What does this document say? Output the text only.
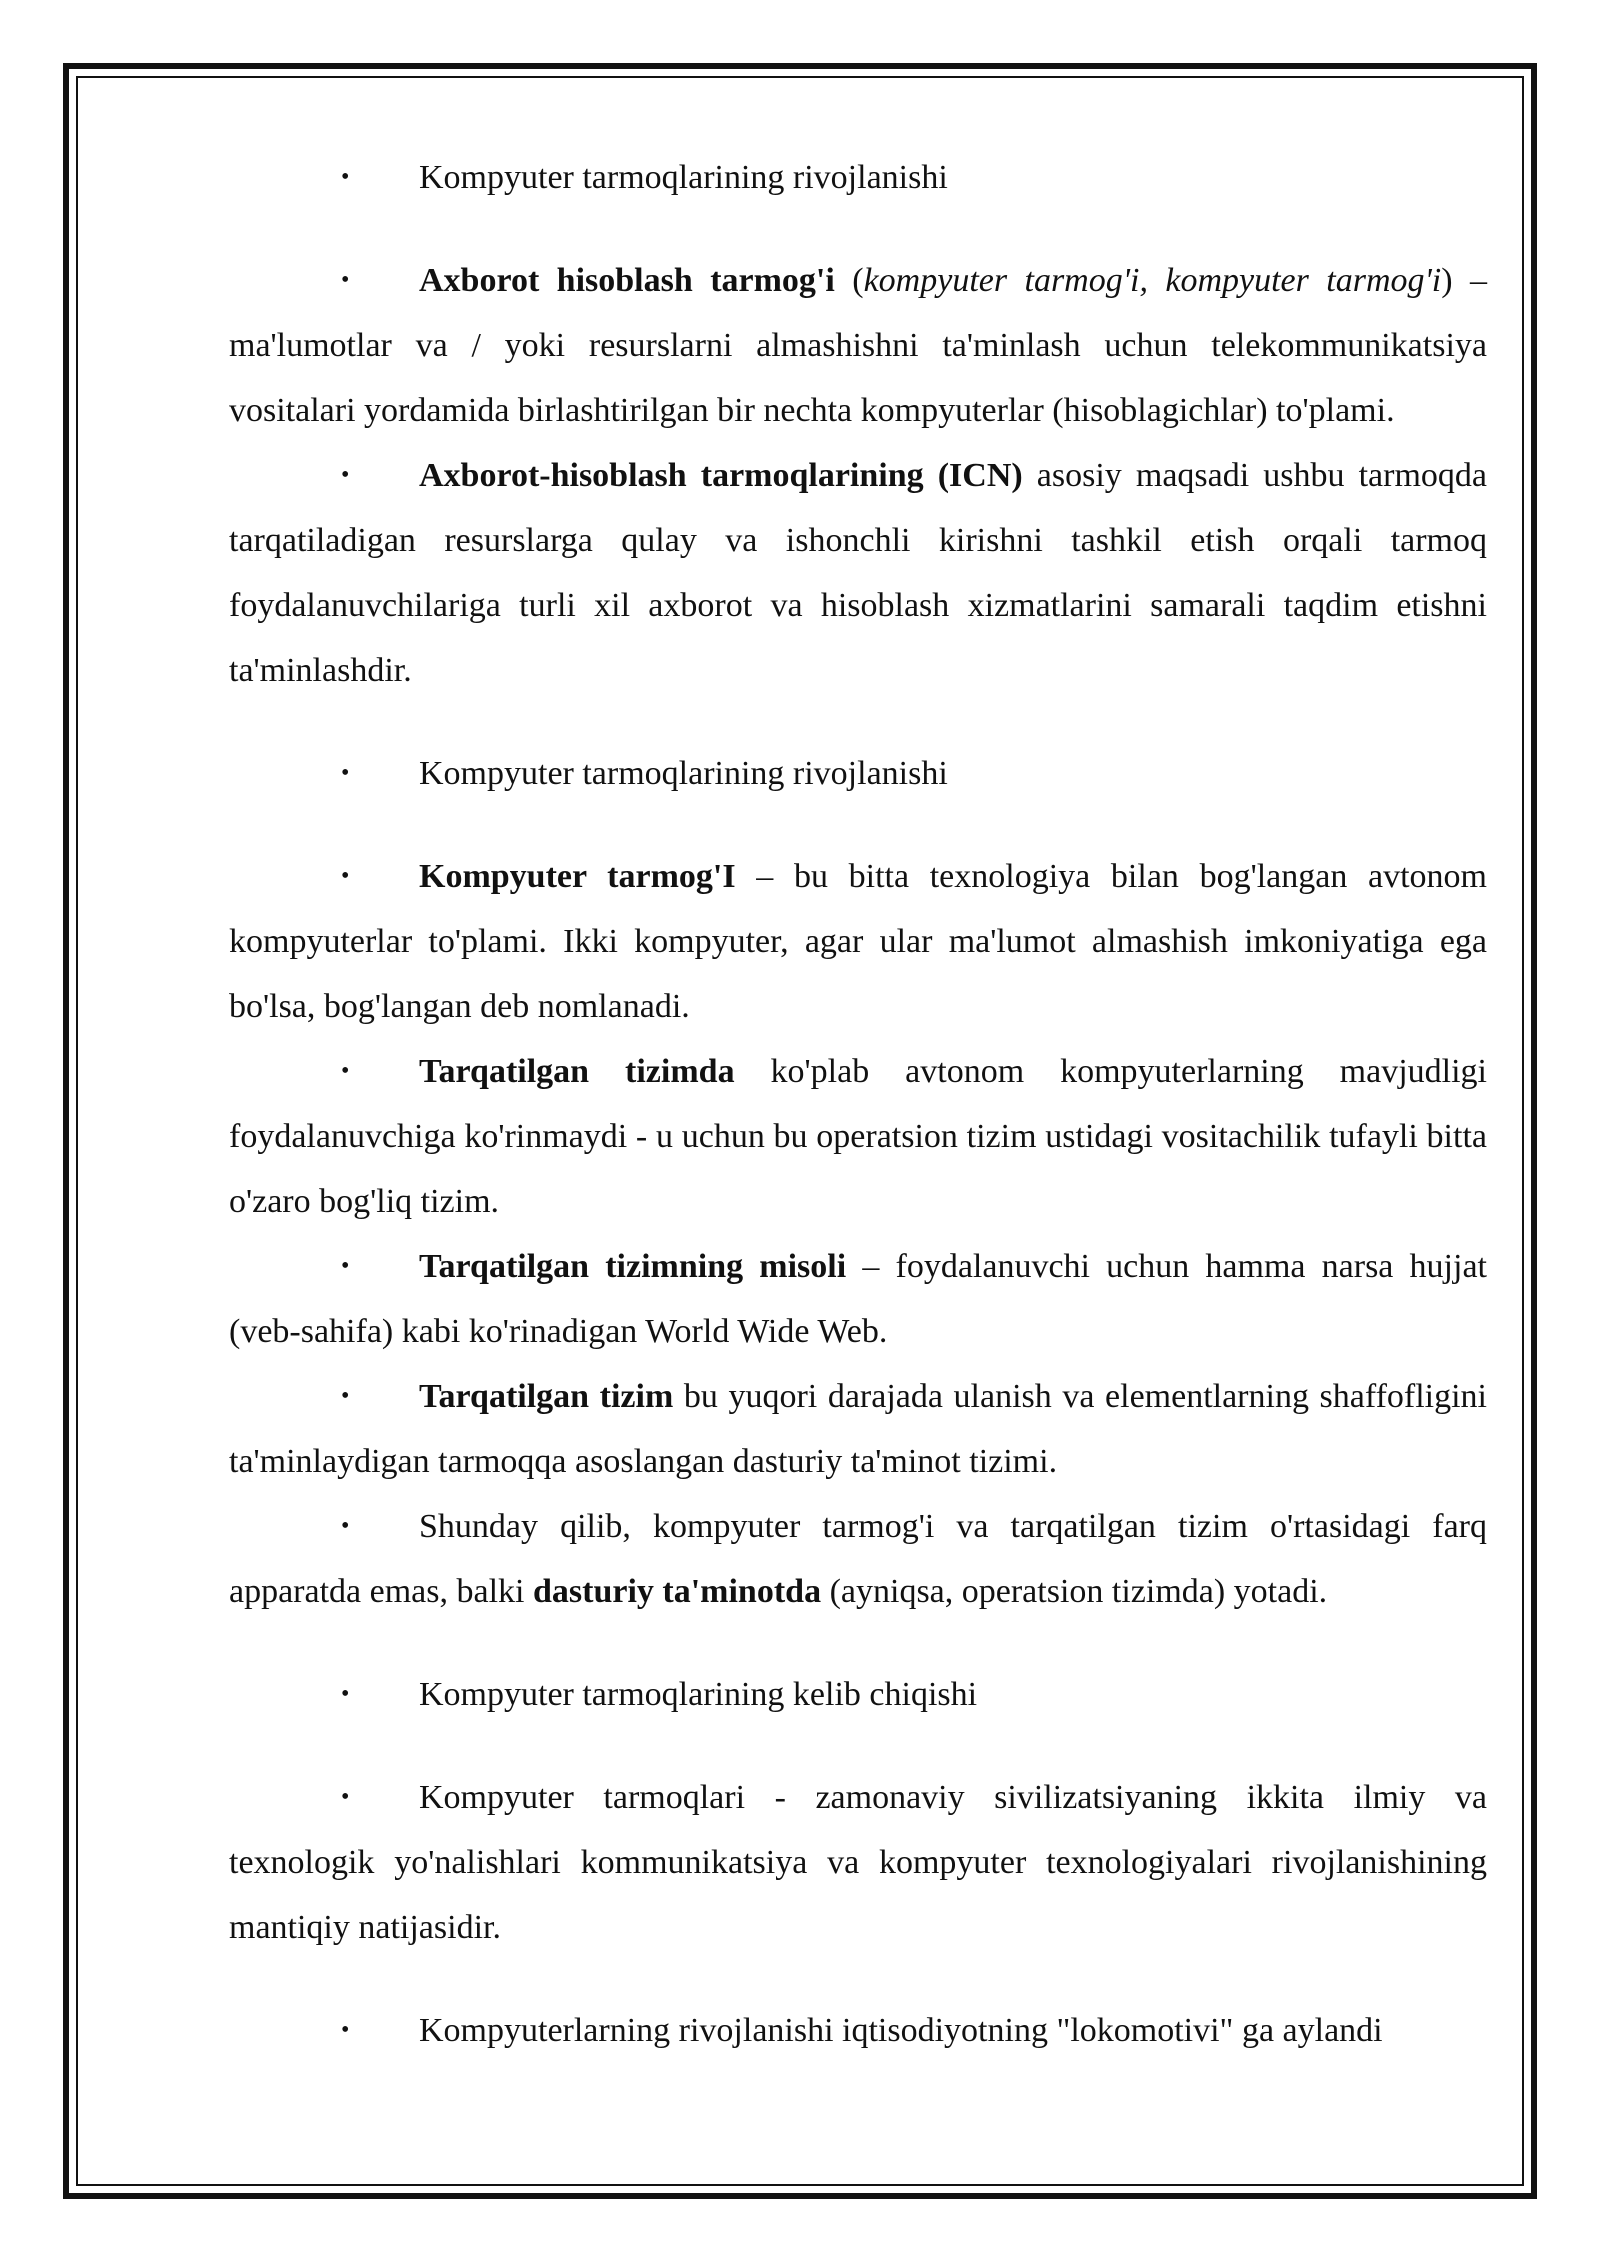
• Kompyuter tarmoqlarining rivojlanishi

• Axborot hisoblash tarmog'i (kompyuter tarmog'i, kompyuter tarmog'i) – ma'lumotlar va / yoki resurslarni almashishni ta'minlash uchun telekommunikatsiya vositalari yordamida birlashtirilgan bir nechta kompyuterlar (hisoblagichlar) to'plami.

• Axborot-hisoblash tarmoqlarining (ICN) asosiy maqsadi ushbu tarmoqda tarqatiladigan resurslarga qulay va ishonchli kirishni tashkil etish orqali tarmoq foydalanuvchilariga turli xil axborot va hisoblash xizmatlarini samarali taqdim etishni ta'minlashdir.

• Kompyuter tarmoqlarining rivojlanishi

• Kompyuter tarmog'I – bu bitta texnologiya bilan bog'langan avtonom kompyuterlar to'plami. Ikki kompyuter, agar ular ma'lumot almashish imkoniyatiga ega bo'lsa, bog'langan deb nomlanadi.

• Tarqatilgan tizimda ko'plab avtonom kompyuterlarning mavjudligi foydalanuvchiga ko'rinmaydi - u uchun bu operatsion tizim ustidagi vositachilik tufayli bitta o'zaro bog'liq tizim.

• Tarqatilgan tizimning misoli – foydalanuvchi uchun hamma narsa hujjat (veb-sahifa) kabi ko'rinadigan World Wide Web.

• Tarqatilgan tizim bu yuqori darajada ulanish va elementlarning shaffofligini ta'minlaydigan tarmoqqa asoslangan dasturiy ta'minot tizimi.

• Shunday qilib, kompyuter tarmog'i va tarqatilgan tizim o'rtasidagi farq apparatda emas, balki dasturiy ta'minotda (ayniqsa, operatsion tizimda) yotadi.

• Kompyuter tarmoqlarining kelib chiqishi

• Kompyuter tarmoqlari - zamonaviy sivilizatsiyaning ikkita ilmiy va texnologik yo'nalishlari kommunikatsiya va kompyuter texnologiyalari rivojlanishining mantiqiy natijasidir.

• Kompyuterlarning rivojlanishi iqtisodiyotning "lokomotivi" ga aylandi
